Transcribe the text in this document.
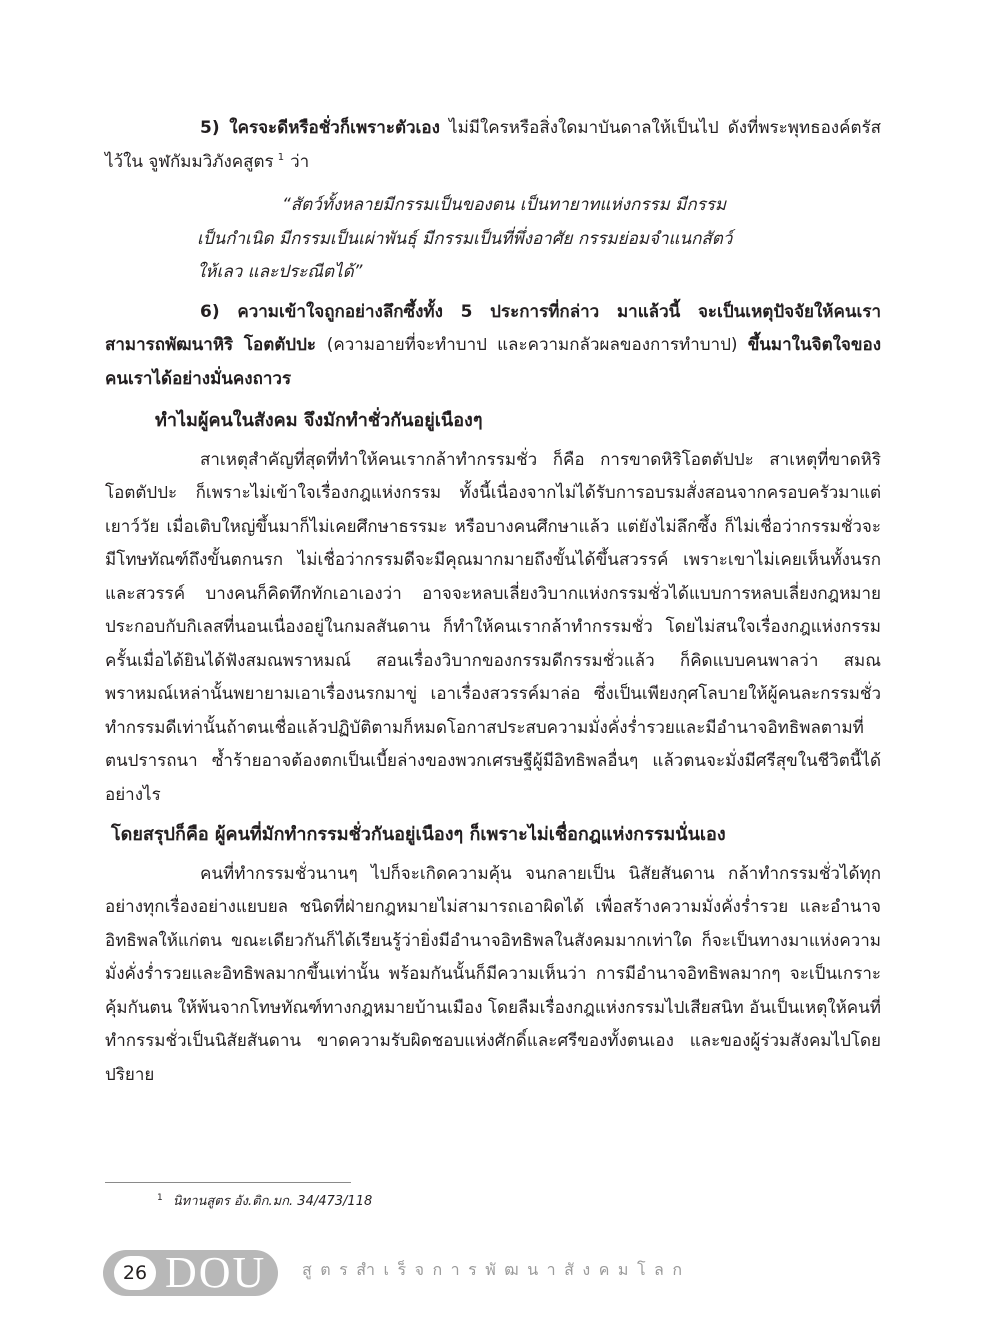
5) ใครจะดีหรือชั่วก็เพราะตัวเอง ไม่มีใครหรือสิ่งใดมาบันดาลให้เป็นไป ดังที่พระพุทธองค์ตรัสไว้ใน จูฬกัมมวิภังคสูตร $^1$ ว่า

“สัตว์ทั้งหลายมีกรรมเป็นของตน เป็นทายาทแห่งกรรม มีกรรม
เป็นกำเนิด มีกรรมเป็นเผ่าพันธุ์ มีกรรมเป็นที่พึ่งอาศัย กรรมย่อมจำแนกสัตว์
ให้เลว และประณีตได้”

6) ความเข้าใจถูกอย่างลึกซึ้งทั้ง 5 ประการที่กล่าว มาแล้วนี้ จะเป็นเหตุปัจจัยให้คนเราสามารถพัฒนาหิริ โอตตัปปะ (ความอายที่จะทำบาป และความกลัวผลของการทำบาป) ขึ้นมาในจิตใจของคนเราได้อย่างมั่นคงถาวร

ทำไมผู้คนในสังคม จึงมักทำชั่วกันอยู่เนืองๆ

สาเหตุสำคัญที่สุดที่ทำให้คนเรากล้าทำกรรมชั่ว ก็คือ การขาดหิริโอตตัปปะ สาเหตุที่ขาดหิริโอตตัปปะ ก็เพราะไม่เข้าใจเรื่องกฎแห่งกรรม ทั้งนี้เนื่องจากไม่ได้รับการอบรมสั่งสอนจากครอบครัวมาแต่เยาว์วัย เมื่อเติบใหญ่ขึ้นมาก็ไม่เคยศึกษาธรรมะ หรือบางคนศึกษาแล้ว แต่ยังไม่ลึกซึ้ง ก็ไม่เชื่อว่ากรรมชั่วจะมีโทษทัณฑ์ถึงขั้นตกนรก ไม่เชื่อว่ากรรมดีจะมีคุณมากมายถึงขั้นได้ขึ้นสวรรค์ เพราะเขาไม่เคยเห็นทั้งนรกและสวรรค์ บางคนก็คิดทึกทักเอาเองว่า อาจจะหลบเลี่ยงวิบากแห่งกรรมชั่วได้แบบการหลบเลี่ยงกฎหมาย ประกอบกับกิเลสที่นอนเนื่องอยู่ในกมลสันดาน ก็ทำให้คนเรากล้าทำกรรมชั่ว โดยไม่สนใจเรื่องกฎแห่งกรรม ครั้นเมื่อได้ยินได้ฟังสมณพราหมณ์ สอนเรื่องวิบากของกรรมดีกรรมชั่วแล้ว ก็คิดแบบคนพาลว่า สมณพราหมณ์เหล่านั้นพยายามเอาเรื่องนรกมาขู่ เอาเรื่องสวรรค์มาล่อ ซึ่งเป็นเพียงกุศโลบายให้ผู้คนละกรรมชั่วทำกรรมดีเท่านั้นถ้าตนเชื่อแล้วปฏิบัติตามก็หมดโอกาสประสบความมั่งคั่งร่ำรวยและมีอำนาจอิทธิพลตามที่ตนปรารถนา ซ้ำร้ายอาจต้องตกเป็นเบี้ยล่างของพวกเศรษฐีผู้มีอิทธิพลอื่นๆ แล้วตนจะมั่งมีศรีสุขในชีวิตนี้ได้อย่างไร

โดยสรุปก็คือ ผู้คนที่มักทำกรรมชั่วกันอยู่เนืองๆ ก็เพราะไม่เชื่อกฎแห่งกรรมนั่นเอง

คนที่ทำกรรมชั่วนานๆ ไปก็จะเกิดความคุ้น จนกลายเป็น นิสัยสันดาน กล้าทำกรรมชั่วได้ทุกอย่างทุกเรื่องอย่างแยบยล ชนิดที่ฝ่ายกฎหมายไม่สามารถเอาผิดได้ เพื่อสร้างความมั่งคั่งร่ำรวย และอำนาจอิทธิพลให้แก่ตน ขณะเดียวกันก็ได้เรียนรู้ว่ายิ่งมีอำนาจอิทธิพลในสังคมมากเท่าใด ก็จะเป็นทางมาแห่งความมั่งคั่งร่ำรวยและอิทธิพลมากขึ้นเท่านั้น พร้อมกันนั้นก็มีความเห็นว่า การมีอำนาจอิทธิพลมากๆ จะเป็นเกราะคุ้มกันตน ให้พ้นจากโทษทัณฑ์ทางกฎหมายบ้านเมือง โดยลืมเรื่องกฎแห่งกรรมไปเสียสนิท อันเป็นเหตุให้คนที่ทำกรรมชั่วเป็นนิสัยสันดาน ขาดความรับผิดชอบแห่งศักดิ์และศรีของทั้งตนเอง และของผู้ร่วมสังคมไปโดยปริยาย

$^1$ นิทานสูตร อัง.ติก.มก. 34/473/118
26 DOU สูตรสำเร็จการพัฒนาสังคมโลก
